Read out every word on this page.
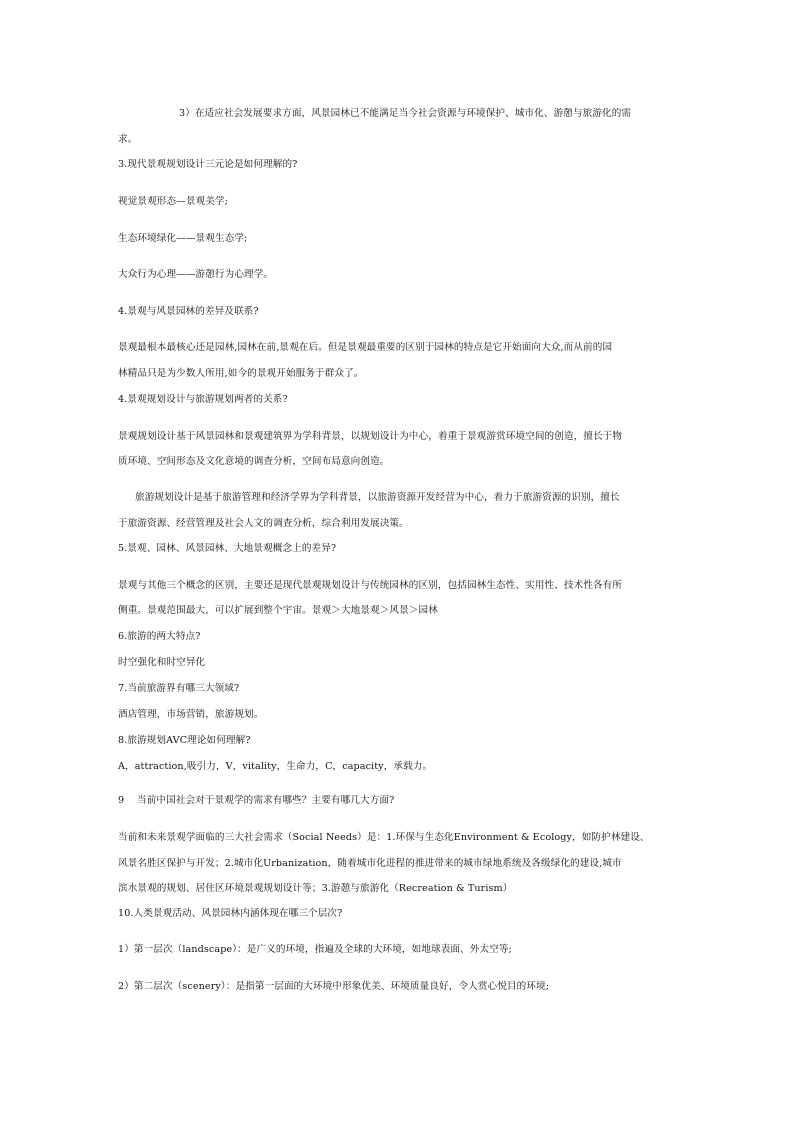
3）在适应社会发展要求方面，风景园林已不能满足当今社会资源与环境保护、城市化、游憩与旅游化的需
求。
3.现代景观规划设计三元论是如何理解的?
视觉景观形态—景观美学;
生态环境绿化——景观生态学;
大众行为心理——游憩行为心理学。
4.景观与风景园林的差异及联系?
景观最根本最核心还是园林,园林在前,景观在后。但是景观最重要的区别于园林的特点是它开始面向大众,而从前的园
林精品只是为少数人所用,如今的景观开始服务于群众了。
4.景观规划设计与旅游规划两者的关系?
景观规划设计基于风景园林和景观建筑界为学科背景，以规划设计为中心，着重于景观游赏环境空间的创造，擅长于物
质环境、空间形态及文化意境的调查分析，空间布局意向创造。
旅游规划设计是基于旅游管理和经济学界为学科背景，以旅游资源开发经营为中心，着力于旅游资源的识别，擅长
于旅游资源、经营管理及社会人文的调查分析，综合利用发展决策。
5.景观、园林、风景园林、大地景观概念上的差异?
景观与其他三个概念的区别，主要还是现代景观规划设计与传统园林的区别，包括园林生态性、实用性、技术性各有所
侧重。景观范围最大，可以扩展到整个宇宙。景观＞大地景观＞风景＞园林
6.旅游的两大特点?
时空强化和时空异化
7.当前旅游界有哪三大领域?
酒店管理，市场营销，旅游规划。
8.旅游规划AVC理论如何理解?
A，attraction,吸引力，V，vitality，生命力，C，capacity，承载力。
9　 当前中国社会对于景观学的需求有哪些？主要有哪几大方面?
当前和未来景观学面临的三大社会需求（Social Needs）是：1.环保与生态化Environment & Ecology，如防护林建设、
风景名胜区保护与开发；2.城市化Urbanization，随着城市化进程的推进带来的城市绿地系统及各级绿化的建设,城市
滨水景观的规划、居住区环境景观规划设计等；3.游憩与旅游化（Recreation & Turism）
10.人类景观活动、风景园林内涵体现在哪三个层次?
1）第一层次（landscape）：是广义的环境，指遍及全球的大环境，如地球表面、外太空等;
2）第二层次（scenery）：是指第一层面的大环境中形象优美、环境质量良好，令人赏心悦目的环境;
